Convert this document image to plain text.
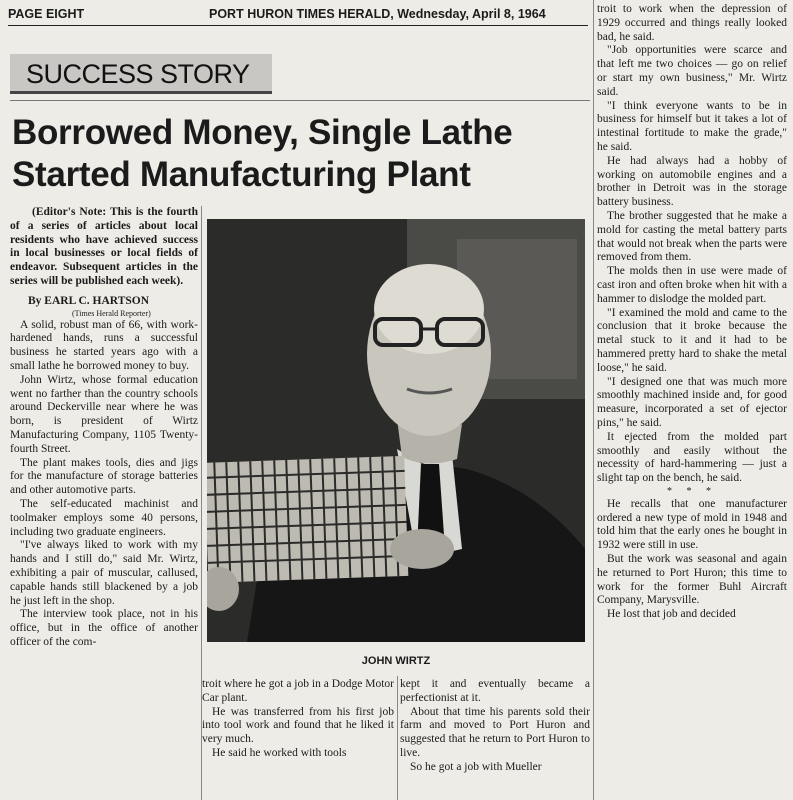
PAGE EIGHT	PORT HURON TIMES HERALD, Wednesday, April 8, 1964
SUCCESS STORY
Borrowed Money, Single Lathe
Started Manufacturing Plant

(Editor's Note: This is the fourth of a series of articles about local residents who have achieved success in local businesses or local fields of endeavor. Subsequent articles in the series will be published each week).

By EARL C. HARTSON
(Times Herald Reporter)

A solid, robust man of 66, with work-hardened hands, runs a successful business he started years ago with a small lathe he borrowed money to buy.

John Wirtz, whose formal education went no farther than the country schools around Deckerville near where he was born, is president of Wirtz Manufacturing Company, 1105 Twenty-fourth Street.

The plant makes tools, dies and jigs for the manufacture of storage batteries and other automotive parts.

The self-educated machinist and toolmaker employs some 40 persons, including two graduate engineers.

"I've always liked to work with my hands and I still do," said Mr. Wirtz, exhibiting a pair of muscular, callused, capable hands still blackened by a job he just left in the shop.

The interview took place, not in his office, but in the office of another officer of the com-

JOHN WIRTZ

troit where he got a job in a Dodge Motor Car plant.

He was transferred from his first job into tool work and found that he liked it very much.

He said he worked with tools

kept it and eventually became a perfectionist at it.

About that time his parents sold their farm and moved to Port Huron and suggested that he return to Port Huron to live.

So he got a job with Mueller

troit to work when the depression of 1929 occurred and things really looked bad, he said.

"Job opportunities were scarce and that left me two choices — go on relief or start my own business," Mr. Wirtz said.

"I think everyone wants to be in business for himself but it takes a lot of intestinal fortitude to make the grade," he said.

He had always had a hobby of working on automobile engines and a brother in Detroit was in the storage battery business.

The brother suggested that he make a mold for casting the metal battery parts that would not break when the parts were removed from them.

The molds then in use were made of cast iron and often broke when hit with a hammer to dislodge the molded part.

"I examined the mold and came to the conclusion that it broke because the metal stuck to it and it had to be hammered pretty hard to shake the metal loose," he said.

"I designed one that was much more smoothly machined inside and, for good measure, incorporated a set of ejector pins," he said.

It ejected from the molded part smoothly and easily without the necessity of hard-hammering — just a slight tap on the bench, he said.

* * *

He recalls that one manufacturer ordered a new type of mold in 1948 and told him that the early ones he bought in 1932 were still in use.

But the work was seasonal and again he returned to Port Huron; this time to work for the former Buhl Aircraft Company, Marysville.

He lost that job and decided
